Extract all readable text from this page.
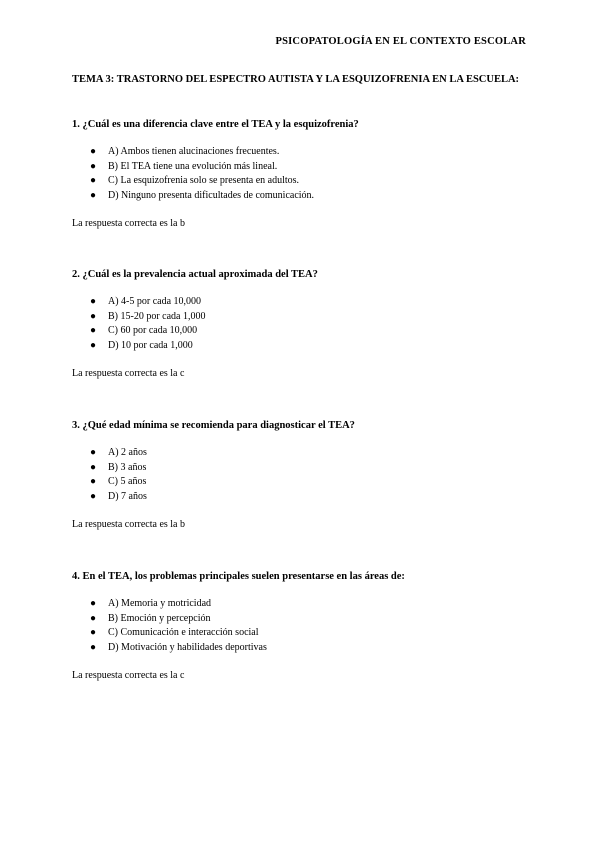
PSICOPATOLOGÍA EN EL CONTEXTO ESCOLAR
TEMA 3: TRASTORNO DEL ESPECTRO AUTISTA Y LA ESQUIZOFRENIA EN LA ESCUELA:

1. ¿Cuál es una diferencia clave entre el TEA y la esquizofrenia?

● A) Ambos tienen alucinaciones frecuentes.
● B) El TEA tiene una evolución más lineal.
● C) La esquizofrenia solo se presenta en adultos.
● D) Ninguno presenta dificultades de comunicación.

La respuesta correcta es la b

2. ¿Cuál es la prevalencia actual aproximada del TEA?

● A) 4-5 por cada 10,000
● B) 15-20 por cada 1,000
● C) 60 por cada 10,000
● D) 10 por cada 1,000

La respuesta correcta es la c

3. ¿Qué edad mínima se recomienda para diagnosticar el TEA?

● A) 2 años
● B) 3 años
● C) 5 años
● D) 7 años

La respuesta correcta es la b

4. En el TEA, los problemas principales suelen presentarse en las áreas de:

● A) Memoria y motricidad
● B) Emoción y percepción
● C) Comunicación e interacción social
● D) Motivación y habilidades deportivas

La respuesta correcta es la c
